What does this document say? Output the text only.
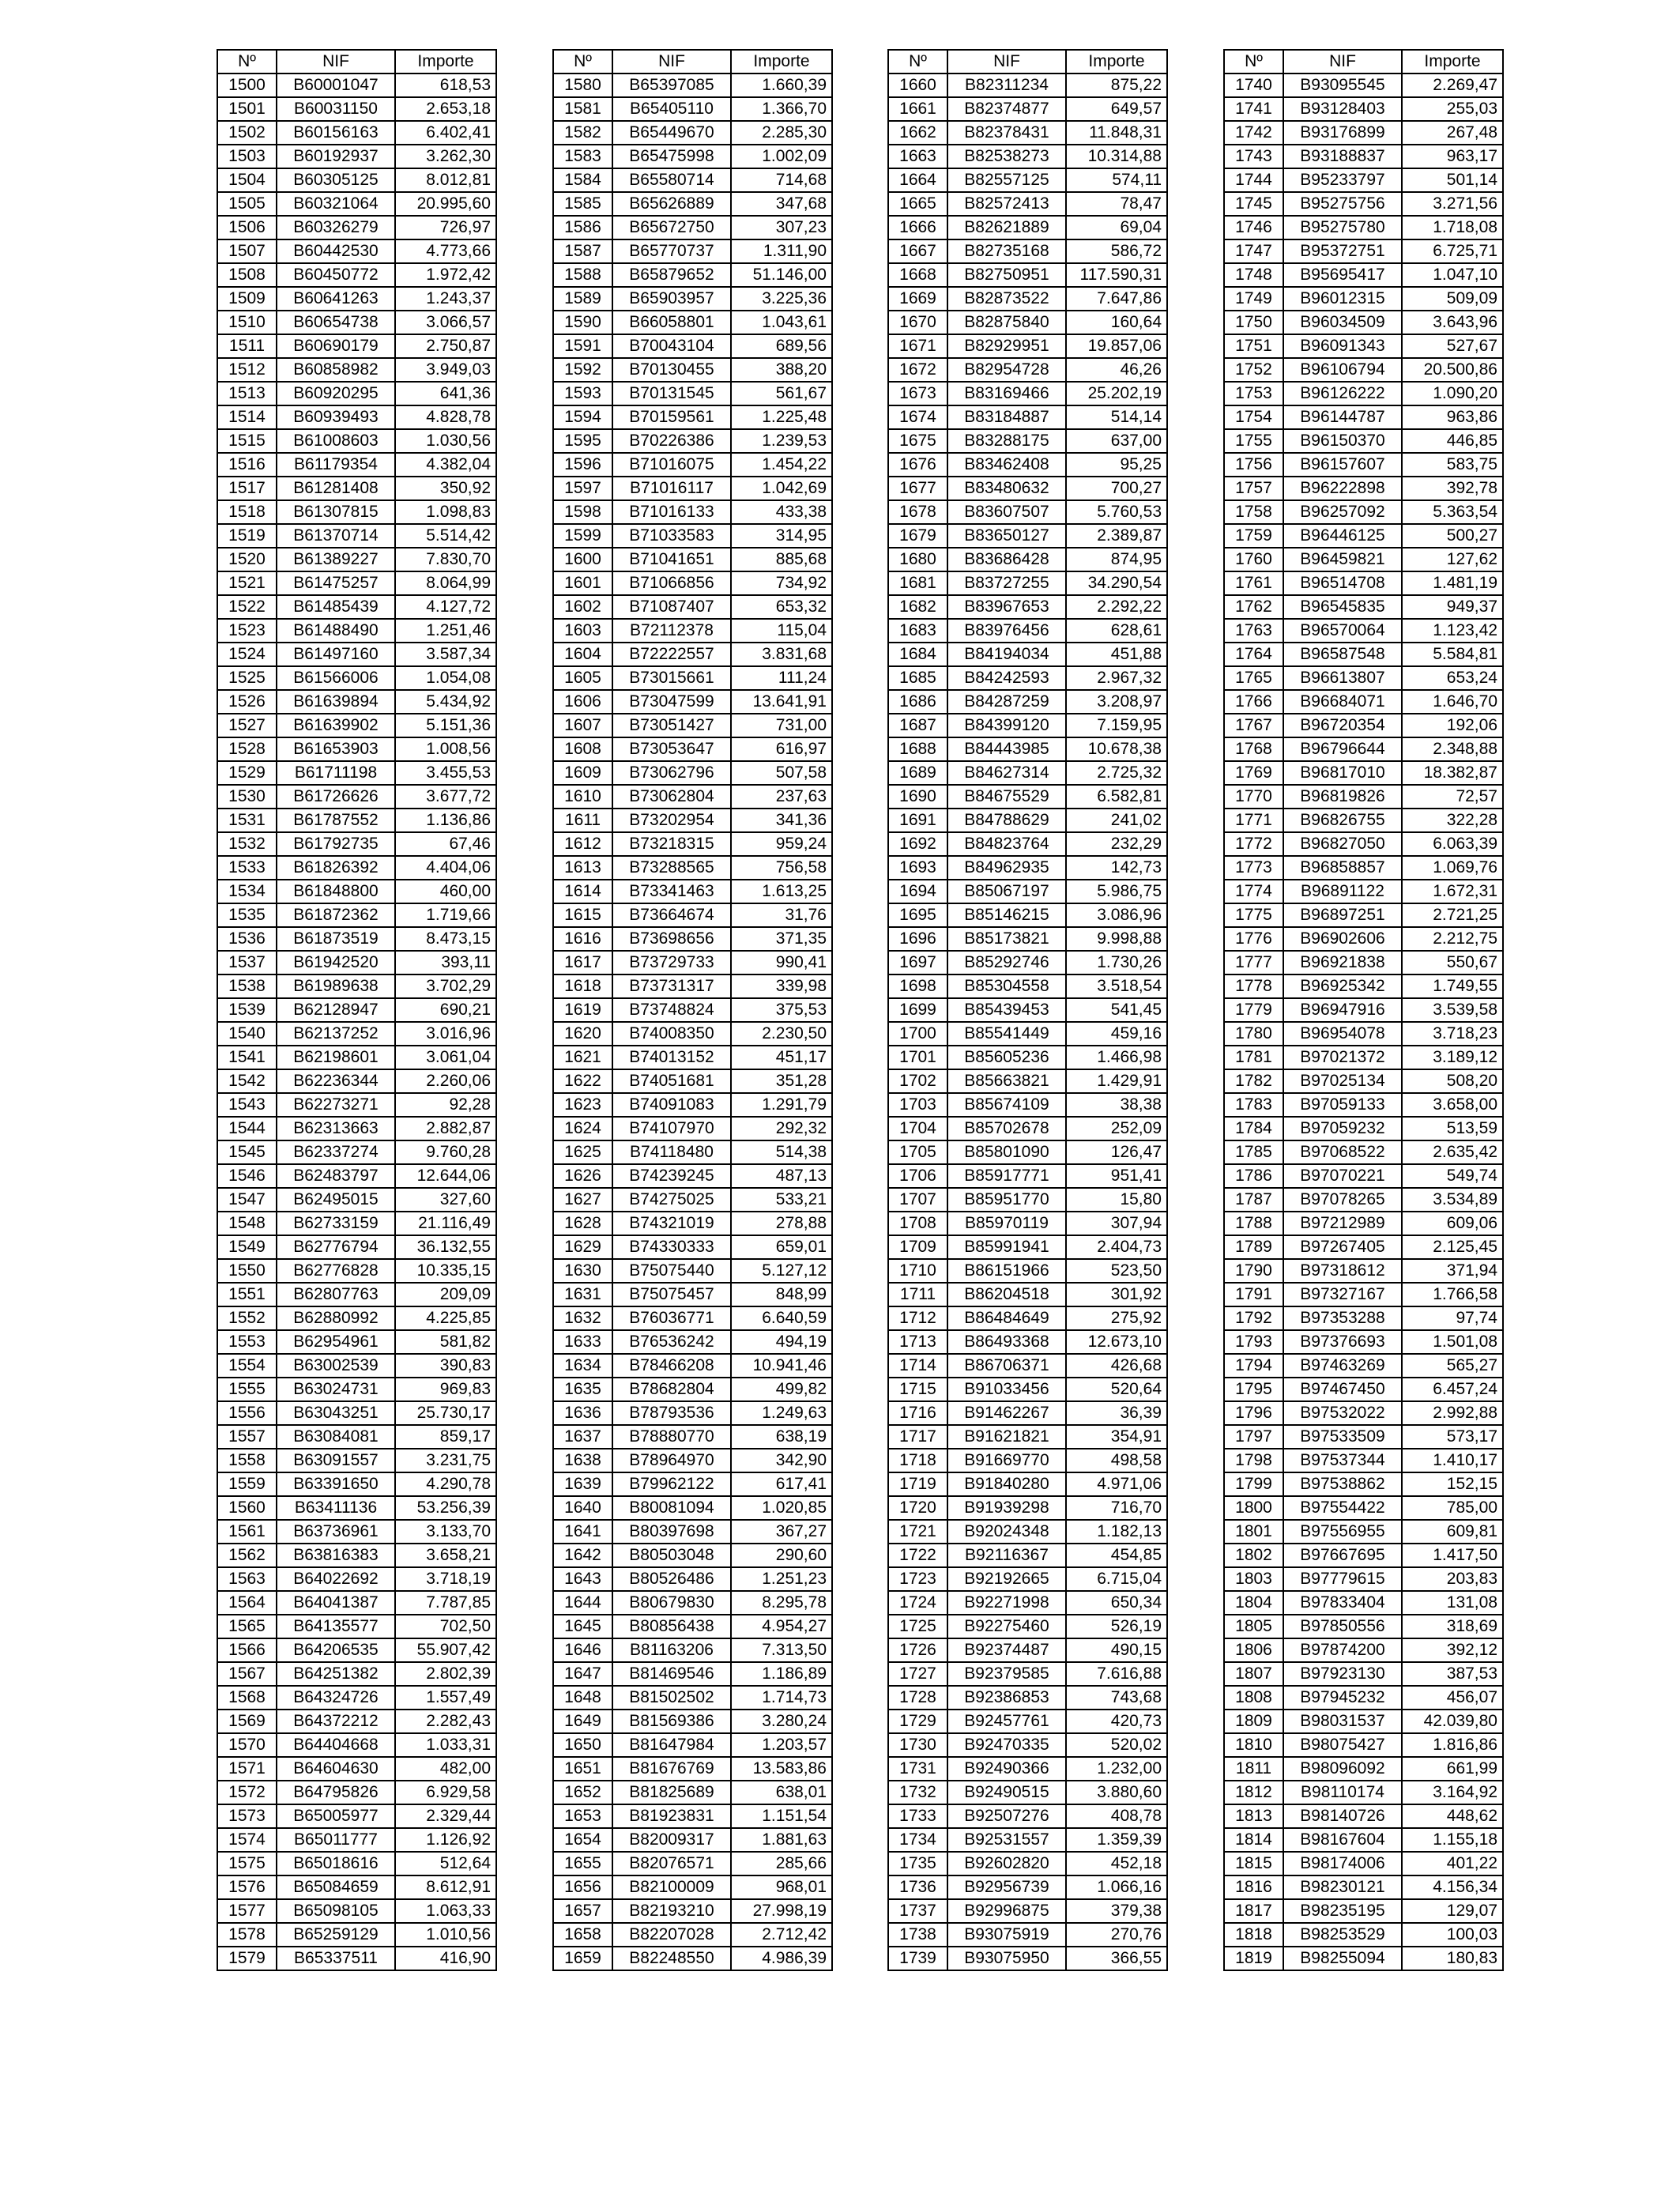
Nº	NIF	Importe
1500	B60001047	618,53
1501	B60031150	2.653,18
1502	B60156163	6.402,41
1503	B60192937	3.262,30
1504	B60305125	8.012,81
1505	B60321064	20.995,60
1506	B60326279	726,97
1507	B60442530	4.773,66
1508	B60450772	1.972,42
1509	B60641263	1.243,37
1510	B60654738	3.066,57
1511	B60690179	2.750,87
1512	B60858982	3.949,03
1513	B60920295	641,36
1514	B60939493	4.828,78
1515	B61008603	1.030,56
1516	B61179354	4.382,04
1517	B61281408	350,92
1518	B61307815	1.098,83
1519	B61370714	5.514,42
1520	B61389227	7.830,70
1521	B61475257	8.064,99
1522	B61485439	4.127,72
1523	B61488490	1.251,46
1524	B61497160	3.587,34
1525	B61566006	1.054,08
1526	B61639894	5.434,92
1527	B61639902	5.151,36
1528	B61653903	1.008,56
1529	B61711198	3.455,53
1530	B61726626	3.677,72
1531	B61787552	1.136,86
1532	B61792735	67,46
1533	B61826392	4.404,06
1534	B61848800	460,00
1535	B61872362	1.719,66
1536	B61873519	8.473,15
1537	B61942520	393,11
1538	B61989638	3.702,29
1539	B62128947	690,21
1540	B62137252	3.016,96
1541	B62198601	3.061,04
1542	B62236344	2.260,06
1543	B62273271	92,28
1544	B62313663	2.882,87
1545	B62337274	9.760,28
1546	B62483797	12.644,06
1547	B62495015	327,60
1548	B62733159	21.116,49
1549	B62776794	36.132,55
1550	B62776828	10.335,15
1551	B62807763	209,09
1552	B62880992	4.225,85
1553	B62954961	581,82
1554	B63002539	390,83
1555	B63024731	969,83
1556	B63043251	25.730,17
1557	B63084081	859,17
1558	B63091557	3.231,75
1559	B63391650	4.290,78
1560	B63411136	53.256,39
1561	B63736961	3.133,70
1562	B63816383	3.658,21
1563	B64022692	3.718,19
1564	B64041387	7.787,85
1565	B64135577	702,50
1566	B64206535	55.907,42
1567	B64251382	2.802,39
1568	B64324726	1.557,49
1569	B64372212	2.282,43
1570	B64404668	1.033,31
1571	B64604630	482,00
1572	B64795826	6.929,58
1573	B65005977	2.329,44
1574	B65011777	1.126,92
1575	B65018616	512,64
1576	B65084659	8.612,91
1577	B65098105	1.063,33
1578	B65259129	1.010,56
1579	B65337511	416,90
Nº	NIF	Importe
1580	B65397085	1.660,39
1581	B65405110	1.366,70
1582	B65449670	2.285,30
1583	B65475998	1.002,09
1584	B65580714	714,68
1585	B65626889	347,68
1586	B65672750	307,23
1587	B65770737	1.311,90
1588	B65879652	51.146,00
1589	B65903957	3.225,36
1590	B66058801	1.043,61
1591	B70043104	689,56
1592	B70130455	388,20
1593	B70131545	561,67
1594	B70159561	1.225,48
1595	B70226386	1.239,53
1596	B71016075	1.454,22
1597	B71016117	1.042,69
1598	B71016133	433,38
1599	B71033583	314,95
1600	B71041651	885,68
1601	B71066856	734,92
1602	B71087407	653,32
1603	B72112378	115,04
1604	B72222557	3.831,68
1605	B73015661	111,24
1606	B73047599	13.641,91
1607	B73051427	731,00
1608	B73053647	616,97
1609	B73062796	507,58
1610	B73062804	237,63
1611	B73202954	341,36
1612	B73218315	959,24
1613	B73288565	756,58
1614	B73341463	1.613,25
1615	B73664674	31,76
1616	B73698656	371,35
1617	B73729733	990,41
1618	B73731317	339,98
1619	B73748824	375,53
1620	B74008350	2.230,50
1621	B74013152	451,17
1622	B74051681	351,28
1623	B74091083	1.291,79
1624	B74107970	292,32
1625	B74118480	514,38
1626	B74239245	487,13
1627	B74275025	533,21
1628	B74321019	278,88
1629	B74330333	659,01
1630	B75075440	5.127,12
1631	B75075457	848,99
1632	B76036771	6.640,59
1633	B76536242	494,19
1634	B78466208	10.941,46
1635	B78682804	499,82
1636	B78793536	1.249,63
1637	B78880770	638,19
1638	B78964970	342,90
1639	B79962122	617,41
1640	B80081094	1.020,85
1641	B80397698	367,27
1642	B80503048	290,60
1643	B80526486	1.251,23
1644	B80679830	8.295,78
1645	B80856438	4.954,27
1646	B81163206	7.313,50
1647	B81469546	1.186,89
1648	B81502502	1.714,73
1649	B81569386	3.280,24
1650	B81647984	1.203,57
1651	B81676769	13.583,86
1652	B81825689	638,01
1653	B81923831	1.151,54
1654	B82009317	1.881,63
1655	B82076571	285,66
1656	B82100009	968,01
1657	B82193210	27.998,19
1658	B82207028	2.712,42
1659	B82248550	4.986,39
Nº	NIF	Importe
1660	B82311234	875,22
1661	B82374877	649,57
1662	B82378431	11.848,31
1663	B82538273	10.314,88
1664	B82557125	574,11
1665	B82572413	78,47
1666	B82621889	69,04
1667	B82735168	586,72
1668	B82750951	117.590,31
1669	B82873522	7.647,86
1670	B82875840	160,64
1671	B82929951	19.857,06
1672	B82954728	46,26
1673	B83169466	25.202,19
1674	B83184887	514,14
1675	B83288175	637,00
1676	B83462408	95,25
1677	B83480632	700,27
1678	B83607507	5.760,53
1679	B83650127	2.389,87
1680	B83686428	874,95
1681	B83727255	34.290,54
1682	B83967653	2.292,22
1683	B83976456	628,61
1684	B84194034	451,88
1685	B84242593	2.967,32
1686	B84287259	3.208,97
1687	B84399120	7.159,95
1688	B84443985	10.678,38
1689	B84627314	2.725,32
1690	B84675529	6.582,81
1691	B84788629	241,02
1692	B84823764	232,29
1693	B84962935	142,73
1694	B85067197	5.986,75
1695	B85146215	3.086,96
1696	B85173821	9.998,88
1697	B85292746	1.730,26
1698	B85304558	3.518,54
1699	B85439453	541,45
1700	B85541449	459,16
1701	B85605236	1.466,98
1702	B85663821	1.429,91
1703	B85674109	38,38
1704	B85702678	252,09
1705	B85801090	126,47
1706	B85917771	951,41
1707	B85951770	15,80
1708	B85970119	307,94
1709	B85991941	2.404,73
1710	B86151966	523,50
1711	B86204518	301,92
1712	B86484649	275,92
1713	B86493368	12.673,10
1714	B86706371	426,68
1715	B91033456	520,64
1716	B91462267	36,39
1717	B91621821	354,91
1718	B91669770	498,58
1719	B91840280	4.971,06
1720	B91939298	716,70
1721	B92024348	1.182,13
1722	B92116367	454,85
1723	B92192665	6.715,04
1724	B92271998	650,34
1725	B92275460	526,19
1726	B92374487	490,15
1727	B92379585	7.616,88
1728	B92386853	743,68
1729	B92457761	420,73
1730	B92470335	520,02
1731	B92490366	1.232,00
1732	B92490515	3.880,60
1733	B92507276	408,78
1734	B92531557	1.359,39
1735	B92602820	452,18
1736	B92956739	1.066,16
1737	B92996875	379,38
1738	B93075919	270,76
1739	B93075950	366,55
Nº	NIF	Importe
1740	B93095545	2.269,47
1741	B93128403	255,03
1742	B93176899	267,48
1743	B93188837	963,17
1744	B95233797	501,14
1745	B95275756	3.271,56
1746	B95275780	1.718,08
1747	B95372751	6.725,71
1748	B95695417	1.047,10
1749	B96012315	509,09
1750	B96034509	3.643,96
1751	B96091343	527,67
1752	B96106794	20.500,86
1753	B96126222	1.090,20
1754	B96144787	963,86
1755	B96150370	446,85
1756	B96157607	583,75
1757	B96222898	392,78
1758	B96257092	5.363,54
1759	B96446125	500,27
1760	B96459821	127,62
1761	B96514708	1.481,19
1762	B96545835	949,37
1763	B96570064	1.123,42
1764	B96587548	5.584,81
1765	B96613807	653,24
1766	B96684071	1.646,70
1767	B96720354	192,06
1768	B96796644	2.348,88
1769	B96817010	18.382,87
1770	B96819826	72,57
1771	B96826755	322,28
1772	B96827050	6.063,39
1773	B96858857	1.069,76
1774	B96891122	1.672,31
1775	B96897251	2.721,25
1776	B96902606	2.212,75
1777	B96921838	550,67
1778	B96925342	1.749,55
1779	B96947916	3.539,58
1780	B96954078	3.718,23
1781	B97021372	3.189,12
1782	B97025134	508,20
1783	B97059133	3.658,00
1784	B97059232	513,59
1785	B97068522	2.635,42
1786	B97070221	549,74
1787	B97078265	3.534,89
1788	B97212989	609,06
1789	B97267405	2.125,45
1790	B97318612	371,94
1791	B97327167	1.766,58
1792	B97353288	97,74
1793	B97376693	1.501,08
1794	B97463269	565,27
1795	B97467450	6.457,24
1796	B97532022	2.992,88
1797	B97533509	573,17
1798	B97537344	1.410,17
1799	B97538862	152,15
1800	B97554422	785,00
1801	B97556955	609,81
1802	B97667695	1.417,50
1803	B97779615	203,83
1804	B97833404	131,08
1805	B97850556	318,69
1806	B97874200	392,12
1807	B97923130	387,53
1808	B97945232	456,07
1809	B98031537	42.039,80
1810	B98075427	1.816,86
1811	B98096092	661,99
1812	B98110174	3.164,92
1813	B98140726	448,62
1814	B98167604	1.155,18
1815	B98174006	401,22
1816	B98230121	4.156,34
1817	B98235195	129,07
1818	B98253529	100,03
1819	B98255094	180,83
